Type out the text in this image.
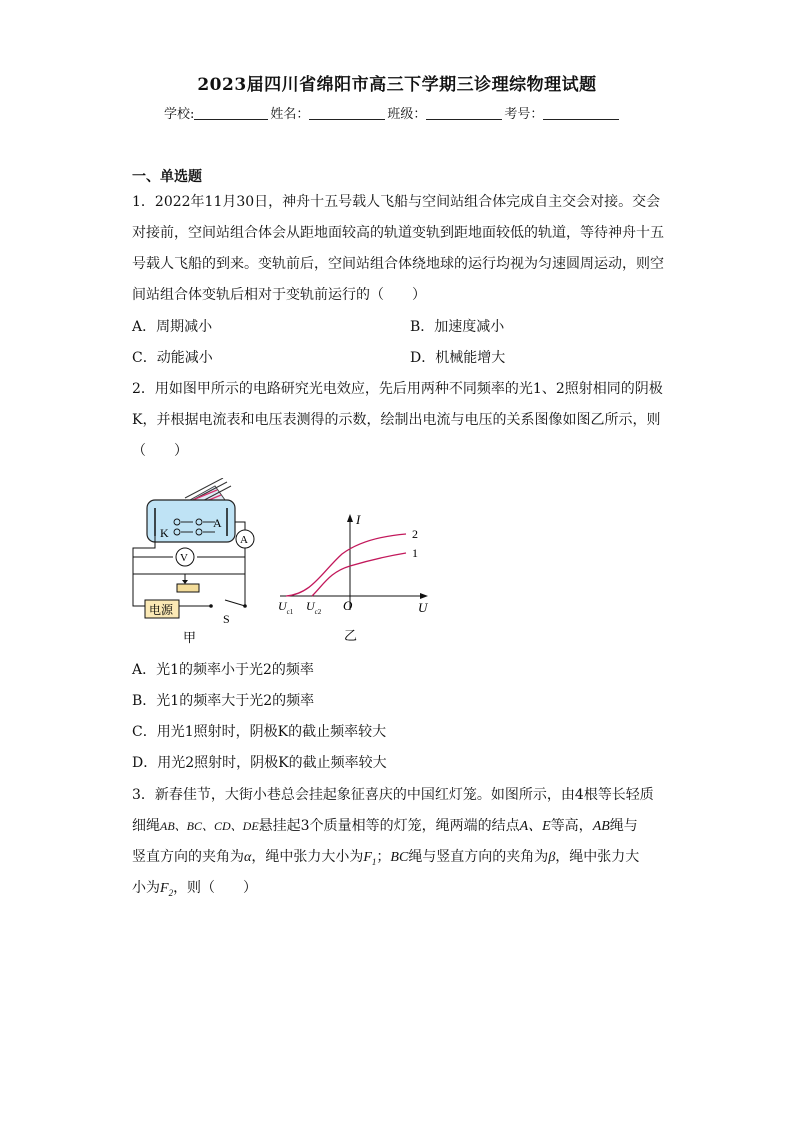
2023届四川省绵阳市高三下学期三诊理综物理试题
学校:	姓名：	班级：	考号：
一、单选题
1．2022年11月30日，神舟十五号载人飞船与空间站组合体完成自主交会对接。交会
对接前，空间站组合体会从距地面较高的轨道变轨到距地面较低的轨道，等待神舟十五
号载人飞船的到来。变轨前后，空间站组合体绕地球的运行均视为匀速圆周运动，则空
间站组合体变轨后相对于变轨前运行的（　　）
A．周期减小	B．加速度减小
C．动能减小	D．机械能增大
2．用如图甲所示的电路研究光电效应，先后用两种不同频率的光1、2照射相同的阴极
K，并根据电流表和电压表测得的示数，绘制出电流与电压的关系图像如图乙所示，则
（　　）
K
A
A
V
电源
S
甲
I
U
O
2
1
$U_{c1}$ $U_{c2}$
乙
A．光1的频率小于光2的频率
B．光1的频率大于光2的频率
C．用光1照射时，阴极K的截止频率较大
D．用光2照射时，阴极K的截止频率较大
3．新春佳节，大街小巷总会挂起象征喜庆的中国红灯笼。如图所示，由4根等长轻质
细绳AB、BC、CD、DE悬挂起3个质量相等的灯笼，绳两端的结点A、E等高，AB绳与
竖直方向的夹角为α，绳中张力大小为$F_1$；BC绳与竖直方向的夹角为β，绳中张力大
小为$F_2$，则（　　）
